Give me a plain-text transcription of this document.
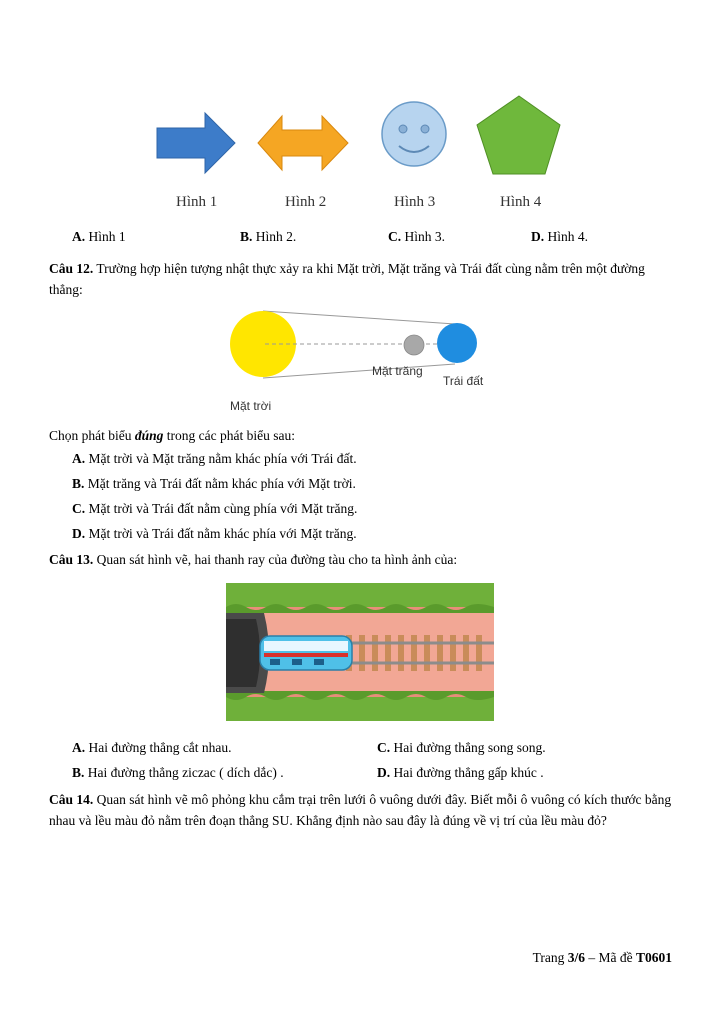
Hình 1	Hình 2	Hình 3	Hình 4
A. Hình 1	B. Hình 2.	C. Hình 3.	D. Hình 4.
Câu 12. Trường hợp hiện tượng nhật thực xảy ra khi Mặt trời, Mặt trăng và Trái đất cùng nằm trên một đường thẳng:
Mặt trăng
Trái đất
Mặt trời
Chọn phát biểu đúng trong các phát biểu sau:
A. Mặt trời và Mặt trăng nằm khác phía với Trái đất.
B. Mặt trăng và Trái đất nằm khác phía với Mặt trời.
C. Mặt trời và Trái đất nằm cùng phía với Mặt trăng.
D. Mặt trời và Trái đất nằm khác phía với Mặt trăng.
Câu 13. Quan sát hình vẽ, hai thanh ray của đường tàu cho ta hình ảnh của:
A. Hai đường thẳng cắt nhau.	C. Hai đường thẳng song song.
B. Hai đường thẳng ziczac ( dích dắc) .	D. Hai đường thẳng gấp khúc .
Câu 14. Quan sát hình vẽ mô phỏng khu cắm trại trên lưới ô vuông dưới đây. Biết mỗi ô vuông có kích thước bằng nhau và lều màu đỏ nằm trên đoạn thẳng SU. Khẳng định nào sau đây là đúng về vị trí của lều màu đỏ?
Trang 3/6 – Mã đề T0601
